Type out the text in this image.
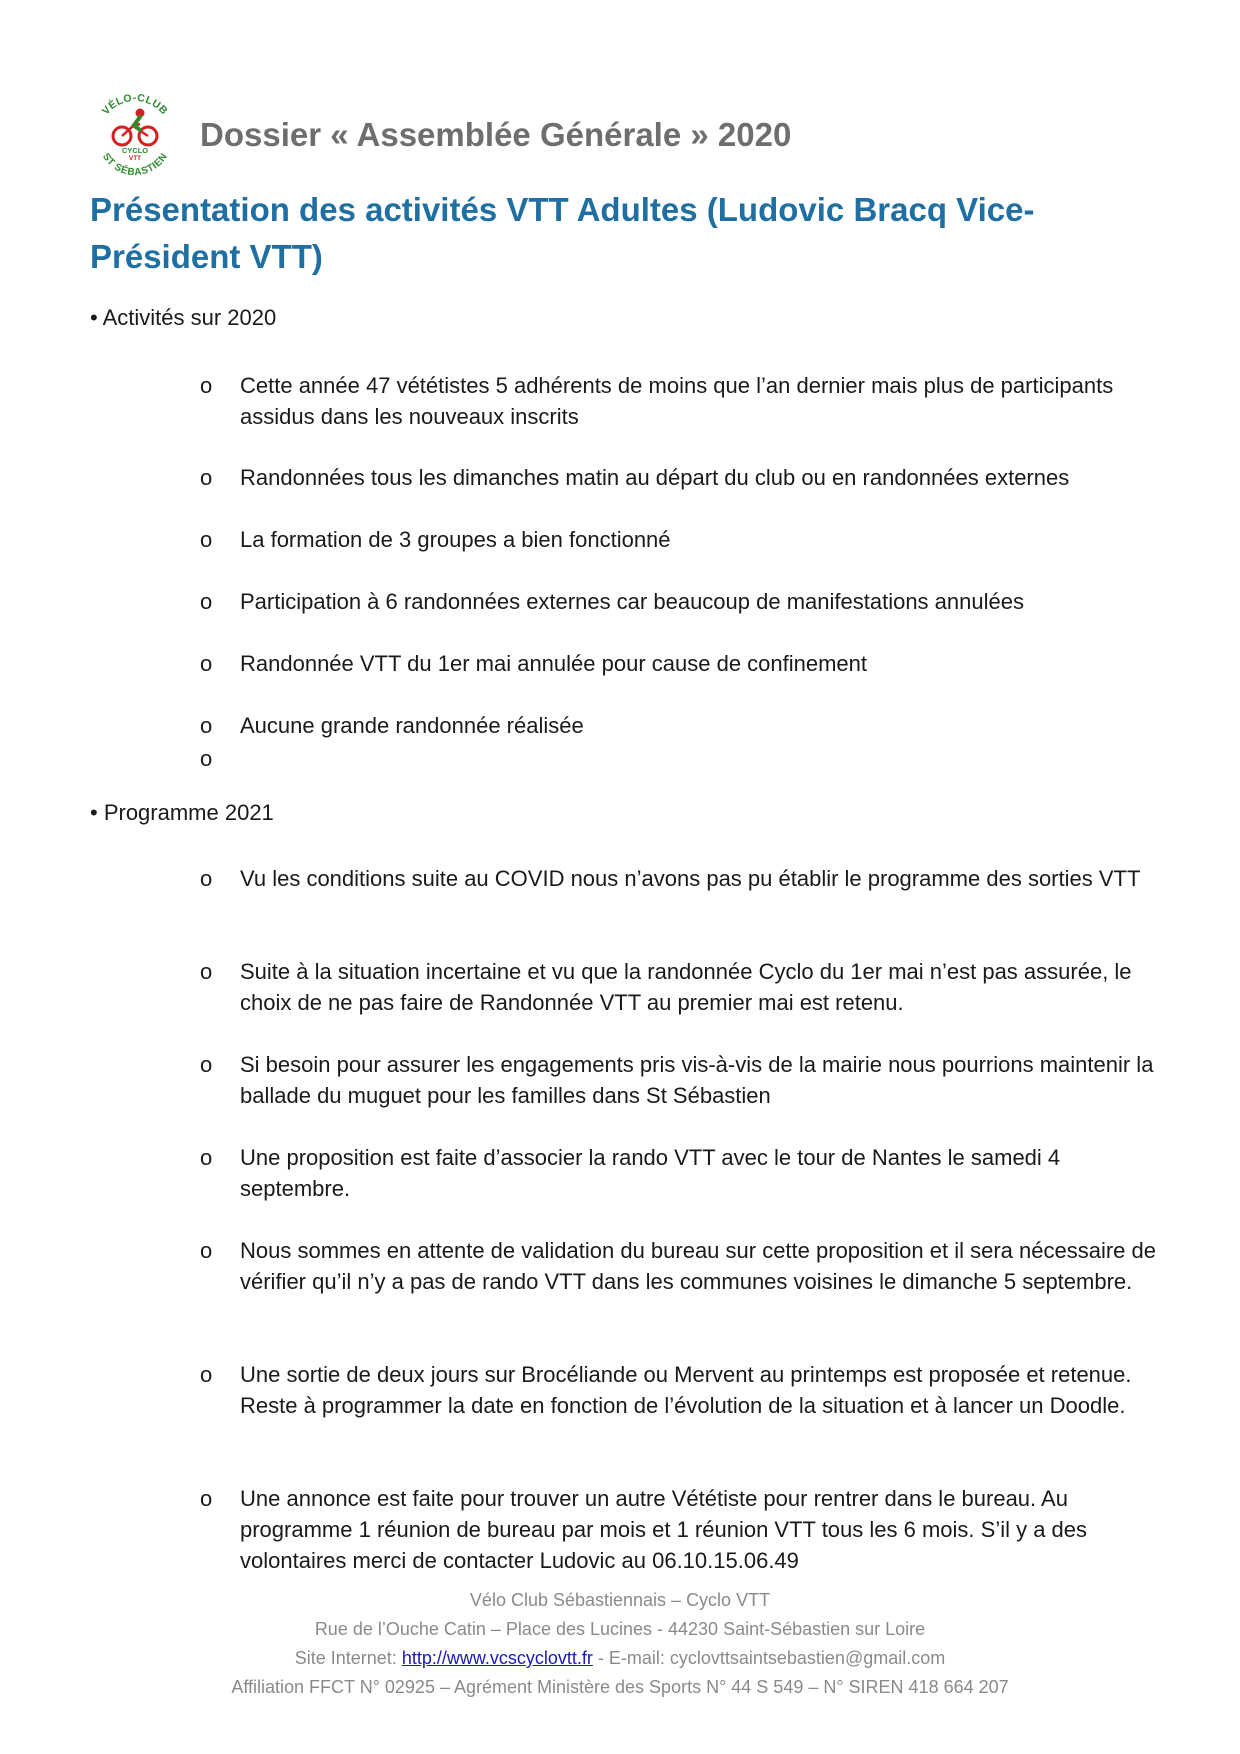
VÉLO-CLUB
ST SÉBASTIEN
CYCLO
VTT
Dossier « Assemblée Générale » 2020
Présentation des activités VTT Adultes (Ludovic Bracq Vice-Président VTT)
• Activités sur 2020
o	Cette année 47 vététistes 5 adhérents de moins que l’an dernier mais plus de participants assidus dans les nouveaux inscrits
o	Randonnées tous les dimanches matin au départ du club ou en randonnées externes
o	La formation de 3 groupes a bien fonctionné
o	Participation à 6 randonnées externes car beaucoup de manifestations annulées
o	Randonnée VTT du 1er mai annulée pour cause de confinement
o	Aucune grande randonnée réalisée
o
• Programme 2021
o	Vu les conditions suite au COVID nous n’avons pas pu établir le programme des sorties VTT
o	Suite à la situation incertaine et vu que la randonnée Cyclo du 1er mai n’est pas assurée, le choix de ne pas faire de Randonnée VTT au premier mai est retenu.
o	Si besoin pour assurer les engagements pris vis-à-vis de la mairie nous pourrions maintenir la ballade du muguet pour les familles dans St Sébastien
o	Une proposition est faite d’associer la rando VTT avec le tour de Nantes le samedi 4 septembre.
o	Nous sommes en attente de validation du bureau sur cette proposition et il sera nécessaire de vérifier qu’il n’y a pas de rando VTT dans les communes voisines le dimanche 5 septembre.
o	Une sortie de deux jours sur Brocéliande ou Mervent au printemps est proposée et retenue. Reste à programmer la date en fonction de l’évolution de la situation et à lancer un Doodle.
o	Une annonce est faite pour trouver un autre Vététiste pour rentrer dans le bureau. Au programme 1 réunion de bureau par mois et 1 réunion VTT tous les 6 mois. S’il y a des volontaires merci de contacter Ludovic au 06.10.15.06.49
Vélo Club Sébastiennais – Cyclo VTT
Rue de l’Ouche Catin – Place des Lucines - 44230 Saint-Sébastien sur Loire
Site Internet: http://www.vcscyclovtt.fr - E-mail: cyclovttsaintsebastien@gmail.com
Affiliation FFCT N° 02925 – Agrément Ministère des Sports N° 44 S 549 – N° SIREN 418 664 207
